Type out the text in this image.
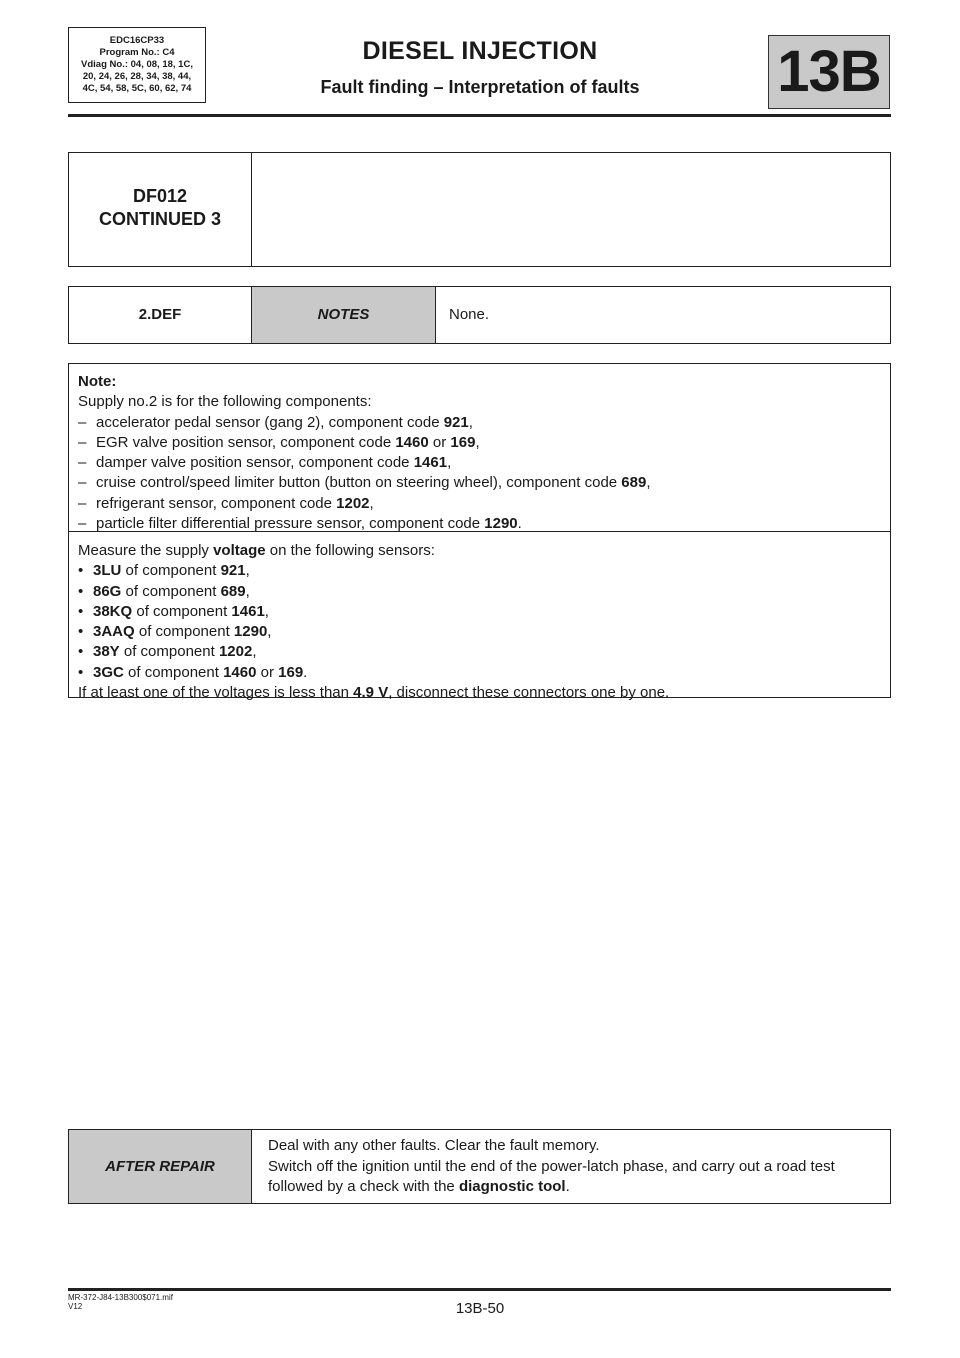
EDC16CP33
Program No.: C4
Vdiag No.: 04, 08, 18, 1C,
20, 24, 26, 28, 34, 38, 44,
4C, 54, 58, 5C, 60, 62, 74
DIESEL INJECTION
Fault finding – Interpretation of faults	13B
DF012
CONTINUED 3
2.DEF	NOTES	None.
Note:
Supply no.2 is for the following components:
– accelerator pedal sensor (gang 2), component code 921,
– EGR valve position sensor, component code 1460 or 169,
– damper valve position sensor, component code 1461,
– cruise control/speed limiter button (button on steering wheel), component code 689,
– refrigerant sensor, component code 1202,
– particle filter differential pressure sensor, component code 1290.
Measure the supply voltage on the following sensors:
• 3LU of component 921,
• 86G of component 689,
• 38KQ of component 1461,
• 3AAQ of component 1290,
• 38Y of component 1202,
• 3GC of component 1460 or 169.
If at least one of the voltages is less than 4.9 V, disconnect these connectors one by one.
AFTER REPAIR
Deal with any other faults. Clear the fault memory.
Switch off the ignition until the end of the power-latch phase, and carry out a road test
followed by a check with the diagnostic tool.
MR-372-J84-13B300$071.mif
V12	13B-50
